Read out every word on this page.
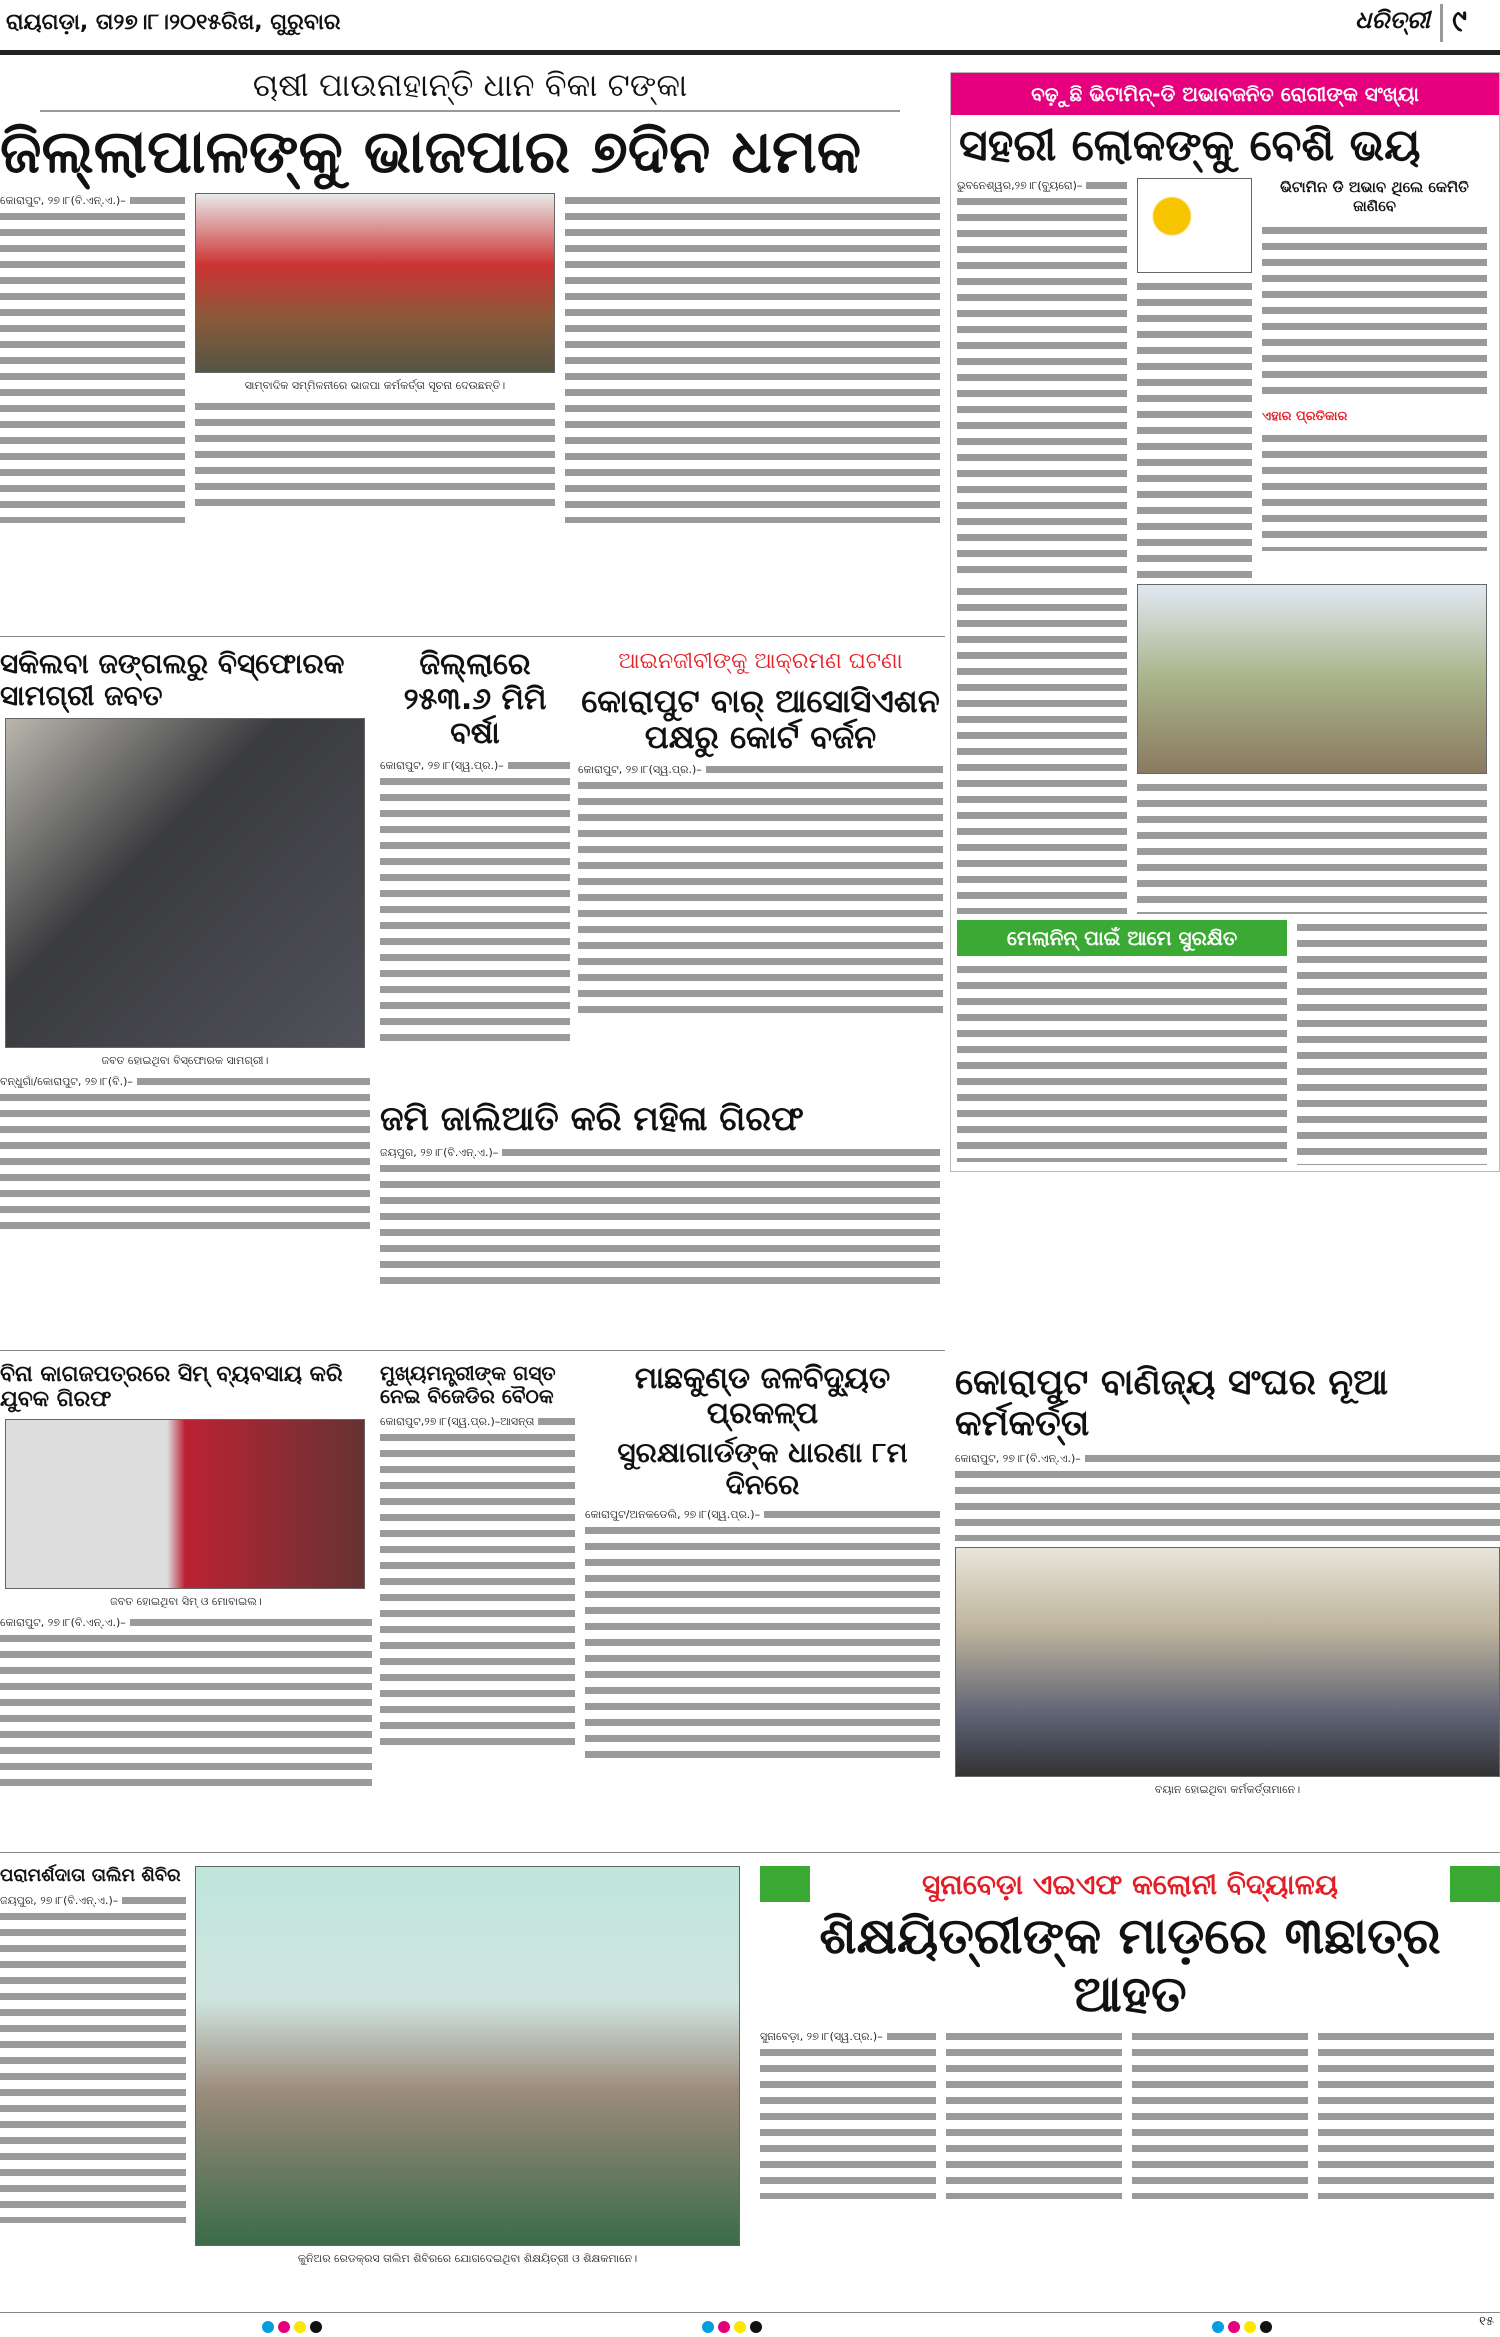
ରାୟଗଡ଼ା, ତା୨୭।୮।୨୦୧୫ରିଖ, ଗୁରୁବାର	ଧରିତ୍ରୀ ୯
ଚାଷୀ ପାଉନାହାନ୍ତି ଧାନ ବିକା ଟଙ୍କା
ଜିଲ୍ଲାପାଳଙ୍କୁ ଭାଜପାର ୭ଦିନ ଧମକ
କୋରାପୁଟ, ୨୭।୮(ବି.ଏନ୍.ଏ.)–
ସାମ୍ବାଦିକ ସମ୍ମିଳନୀରେ ଭାଜପା କର୍ମକର୍ତ୍ତା ସୂଚନା ଦେଉଛନ୍ତି।
ବଢ଼ୁଛି ଭିଟାମିନ୍-ଡି ଅଭାବଜନିତ ରୋଗୀଙ୍କ ସଂଖ୍ୟା
ସହରୀ ଲୋକଙ୍କୁ ବେଶି ଭୟ
ଭୁବନେଶ୍ୱର,୨୭।୮(ବ୍ୟୁରୋ)–	ଭିଟାମିନ ଡି ଅଭାବ ଥିଲେ କେମିତି ଜାଣିବେ
ଏହାର ପ୍ରତିକାର
ମେଲାନିନ୍ ପାଇଁ ଆମେ ସୁରକ୍ଷିତ
ସକିଲବା ଜଙ୍ଗଲରୁ ବିସ୍ଫୋରକ ସାମଗ୍ରୀ ଜବତ
ଜବତ ହୋଇଥିବା ବିସ୍ଫୋରକ ସାମଗ୍ରୀ।
ବନ୍ଧୁଗାଁ/କୋରାପୁଟ, ୨୭।୮(ବି.)–
ଜିଲ୍ଲାରେ ୨୫୩.୬ ମିମି ବର୍ଷା
କୋରାପୁଟ, ୨୭।୮(ସ୍ୱ.ପ୍ର.)–
ଆଇନଜୀବୀଙ୍କୁ ଆକ୍ରମଣ ଘଟଣା
କୋରାପୁଟ ବାର୍ ଆସୋସିଏଶନ ପକ୍ଷରୁ କୋର୍ଟ ବର୍ଜନ
କୋରାପୁଟ, ୨୭।୮(ସ୍ୱ.ପ୍ର.)–
ଜମି ଜାଲିଆତି କରି ମହିଳା ଗିରଫ
ଜୟପୁର, ୨୭।୮(ବି.ଏନ୍.ଏ.)–
ବିନା କାଗଜପତ୍ରରେ ସିମ୍ ବ୍ୟବସାୟ କରି ଯୁବକ ଗିରଫ
ଜବତ ହୋଇଥିବା ସିମ୍ ଓ ମୋବାଇଲ।
କୋରାପୁଟ, ୨୭।୮(ବି.ଏନ୍.ଏ.)–
ମୁଖ୍ୟମନ୍ତ୍ରୀଙ୍କ ଗସ୍ତ ନେଇ ବିଜେଡିର ବୈଠକ
କୋରାପୁଟ,୨୭।୮(ସ୍ୱ.ପ୍ର.)–ଆସନ୍ତା
ମାଛକୁଣ୍ଡ ଜଳବିଦ୍ୟୁତ ପ୍ରକଳ୍ପ
ସୁରକ୍ଷାଗାର୍ଡଙ୍କ ଧାରଣା ୮ମ ଦିନରେ
କୋରାପୁଟ/ଅନକଡେଲି, ୨୭।୮(ସ୍ୱ.ପ୍ର.)–
କୋରାପୁଟ ବାଣିଜ୍ୟ ସଂଘର ନୂଆ କର୍ମକର୍ତ୍ତା
କୋରାପୁଟ, ୨୭।୮(ବି.ଏନ୍.ଏ.)–
ବୟାନ ହୋଇଥିବା କର୍ମକର୍ତ୍ତାମାନେ।
ପରାମର୍ଶଦାତା ତାଲିମ ଶିବିର
ଜୟପୁର, ୨୭।୮(ବି.ଏନ୍.ଏ.)–
କୁନିଅର ରେଡକ୍ରସ ତାଲିମ ଶିବିରରେ ଯୋଗଦେଇଥିବା ଶିକ୍ଷୟିତ୍ରୀ ଓ ଶିକ୍ଷକମାନେ।
ସୁନାବେଡ଼ା ଏଇଏଫ କଲୋନୀ ବିଦ୍ୟାଳୟ
ଶିକ୍ଷୟିତ୍ରୀଙ୍କ ମାଡ଼ରେ ୩ଛାତ୍ର ଆହତ
ସୁନାବେଡ଼ା, ୨୭।୮(ସ୍ୱ.ପ୍ର.)–
୧୫
